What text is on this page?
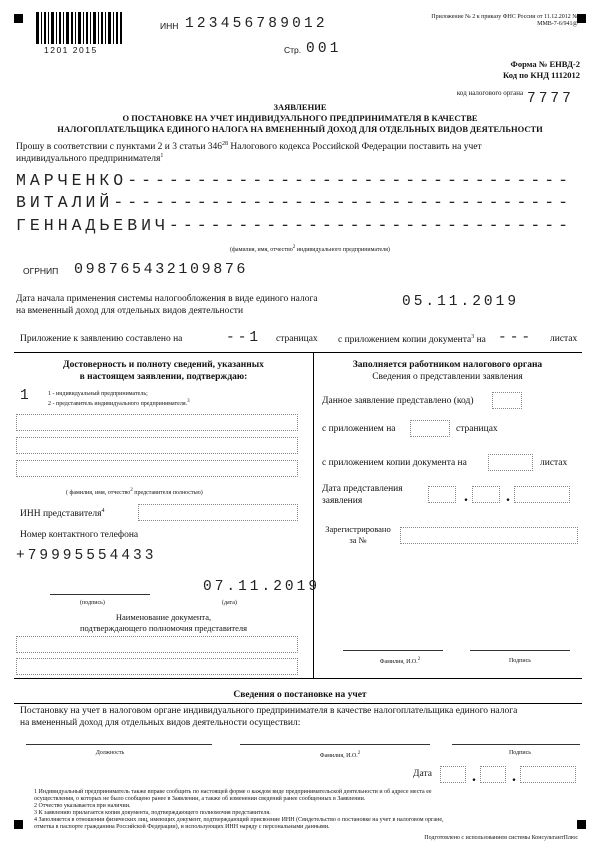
1201 2015
ИНН 123456789012
Стр. 001
Приложение № 2 к приказу ФНС России от 11.12.2012 № ММВ-7-6/941@
Форма № ЕНВД-2
Код по КНД 1112012
код налогового органа 7777
ЗАЯВЛЕНИЕ
О ПОСТАНОВКЕ НА УЧЕТ ИНДИВИДУАЛЬНОГО ПРЕДПРИНИМАТЕЛЯ В КАЧЕСТВЕ
НАЛОГОПЛАТЕЛЬЩИКА ЕДИНОГО НАЛОГА НА ВМЕНЕННЫЙ ДОХОД ДЛЯ ОТДЕЛЬНЫХ ВИДОВ ДЕЯТЕЛЬНОСТИ
Прошу в соответствии с пунктами 2 и 3 статьи $346^{28}$ Налогового кодекса Российской Федерации поставить на учет
индивидуального предпринимателя$^1$
МАРЧЕНКО--------------------------------
ВИТАЛИЙ---------------------------------
ГЕННАДЬЕВИЧ-----------------------------
(фамилия, имя, отчество$^2$ индивидуального предпринимателя)
ОГРНИП 098765432109876
Дата начала применения системы налогообложения в виде единого налога
на вмененный доход для отдельных видов деятельности
05.11.2019
Приложение к заявлению составлено на	--1 страницах с приложением копии документа$^3$ на --- листах
Достоверность и полноту сведений, указанных
в настоящем заявлении, подтверждаю:
1	1 - индивидуальный предприниматель;
2 - представитель индивидуального предпринимателя.$^3$
( фамилия, имя, отчество$^2$ представителя полностью)
ИНН представителя$^4$
Номер контактного телефона
+79995554433
(подпись)
07.11.2019
(дата)
Наименование документа,
подтверждающего полномочия представителя
Заполняется работником налогового органа
Сведения о представлении заявления
Данное заявление представлено (код)
с приложением на	страницах
с приложением копии документа на	листах
Дата представления
заявления	. .
Зарегистрировано
за №
Фамилия, И.О.$^2$	Подпись
Сведения о постановке на учет
Постановку на учет в налоговом органе индивидуального предпринимателя в качестве налогоплательщика единого налога
на вмененный доход для отдельных видов деятельности осуществил:
Должность	Фамилия, И.О.$^2$	Подпись
Дата	. .
1 Индивидуальный предприниматель также вправе сообщить по настоящей форме о каждом виде предпринимательской деятельности и об адресе места ее
осуществления, о которых не было сообщено ранее в Заявлении, а также об изменении сведений ранее сообщенных в Заявлении.
2 Отчество указывается при наличии.
3 К заявлению прилагается копия документа, подтверждающего полномочия представителя.
4 Заполняется в отношении физических лиц, имеющих документ, подтверждающий присвоение ИНН (Свидетельство о постановке на учет в налоговом органе,
отметка в паспорте гражданина Российской Федерации), и использующих ИНН наряду с персональными данными.
Подготовлено с использованием системы КонсультантПлюс
